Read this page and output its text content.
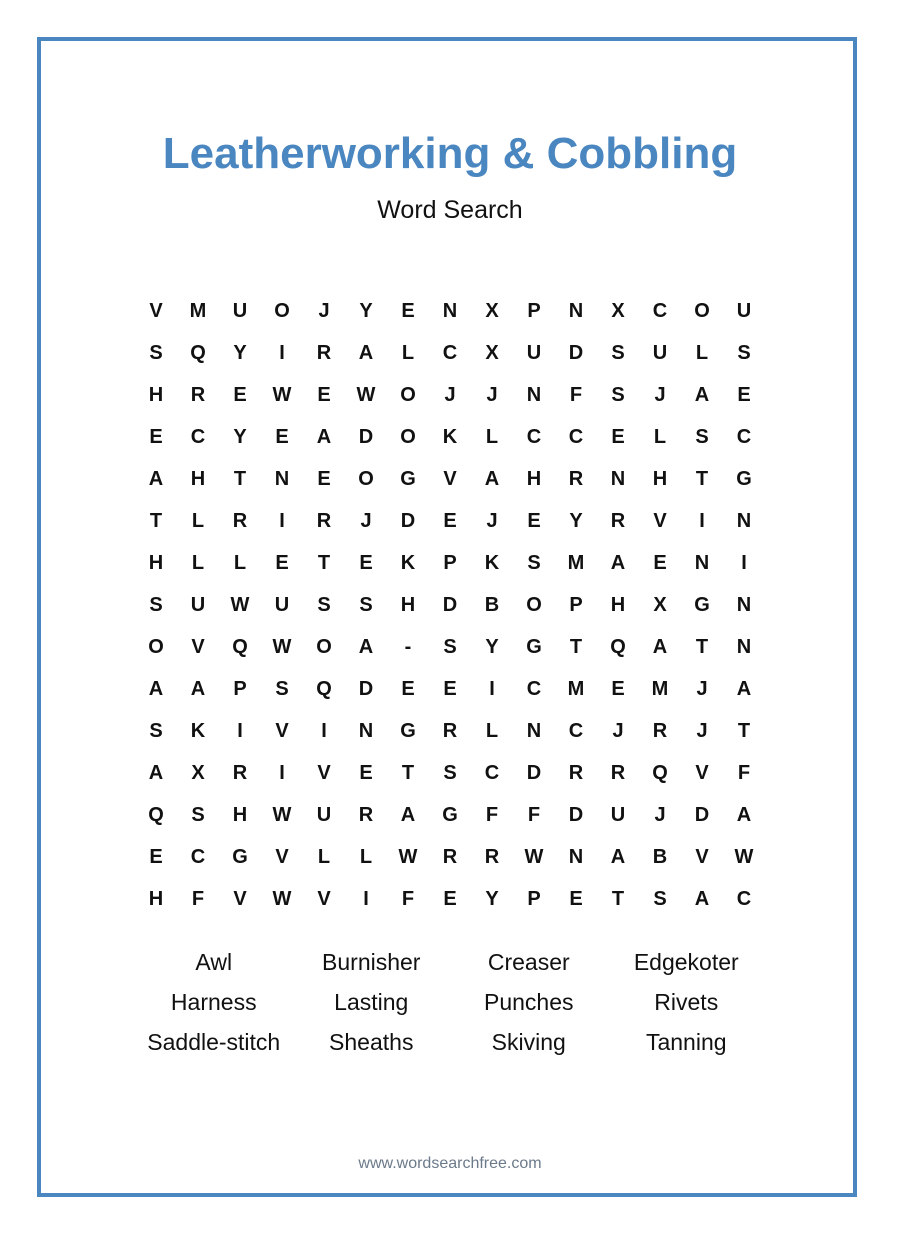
Leatherworking & Cobbling
Word Search
V	M	U	O	J	Y	E	N	X	P	N	X	C	O	U
S	Q	Y	I	R	A	L	C	X	U	D	S	U	L	S
H	R	E	W	E	W	O	J	J	N	F	S	J	A	E
E	C	Y	E	A	D	O	K	L	C	C	E	L	S	C
A	H	T	N	E	O	G	V	A	H	R	N	H	T	G
T	L	R	I	R	J	D	E	J	E	Y	R	V	I	N
H	L	L	E	T	E	K	P	K	S	M	A	E	N	I
S	U	W	U	S	S	H	D	B	O	P	H	X	G	N
O	V	Q	W	O	A	-	S	Y	G	T	Q	A	T	N
A	A	P	S	Q	D	E	E	I	C	M	E	M	J	A
S	K	I	V	I	N	G	R	L	N	C	J	R	J	T
A	X	R	I	V	E	T	S	C	D	R	R	Q	V	F
Q	S	H	W	U	R	A	G	F	F	D	U	J	D	A
E	C	G	V	L	L	W	R	R	W	N	A	B	V	W
H	F	V	W	V	I	F	E	Y	P	E	T	S	A	C
Awl	Burnisher	Creaser	Edgekoter
Harness	Lasting	Punches	Rivets
Saddle-stitch	Sheaths	Skiving	Tanning
www.wordsearchfree.com
